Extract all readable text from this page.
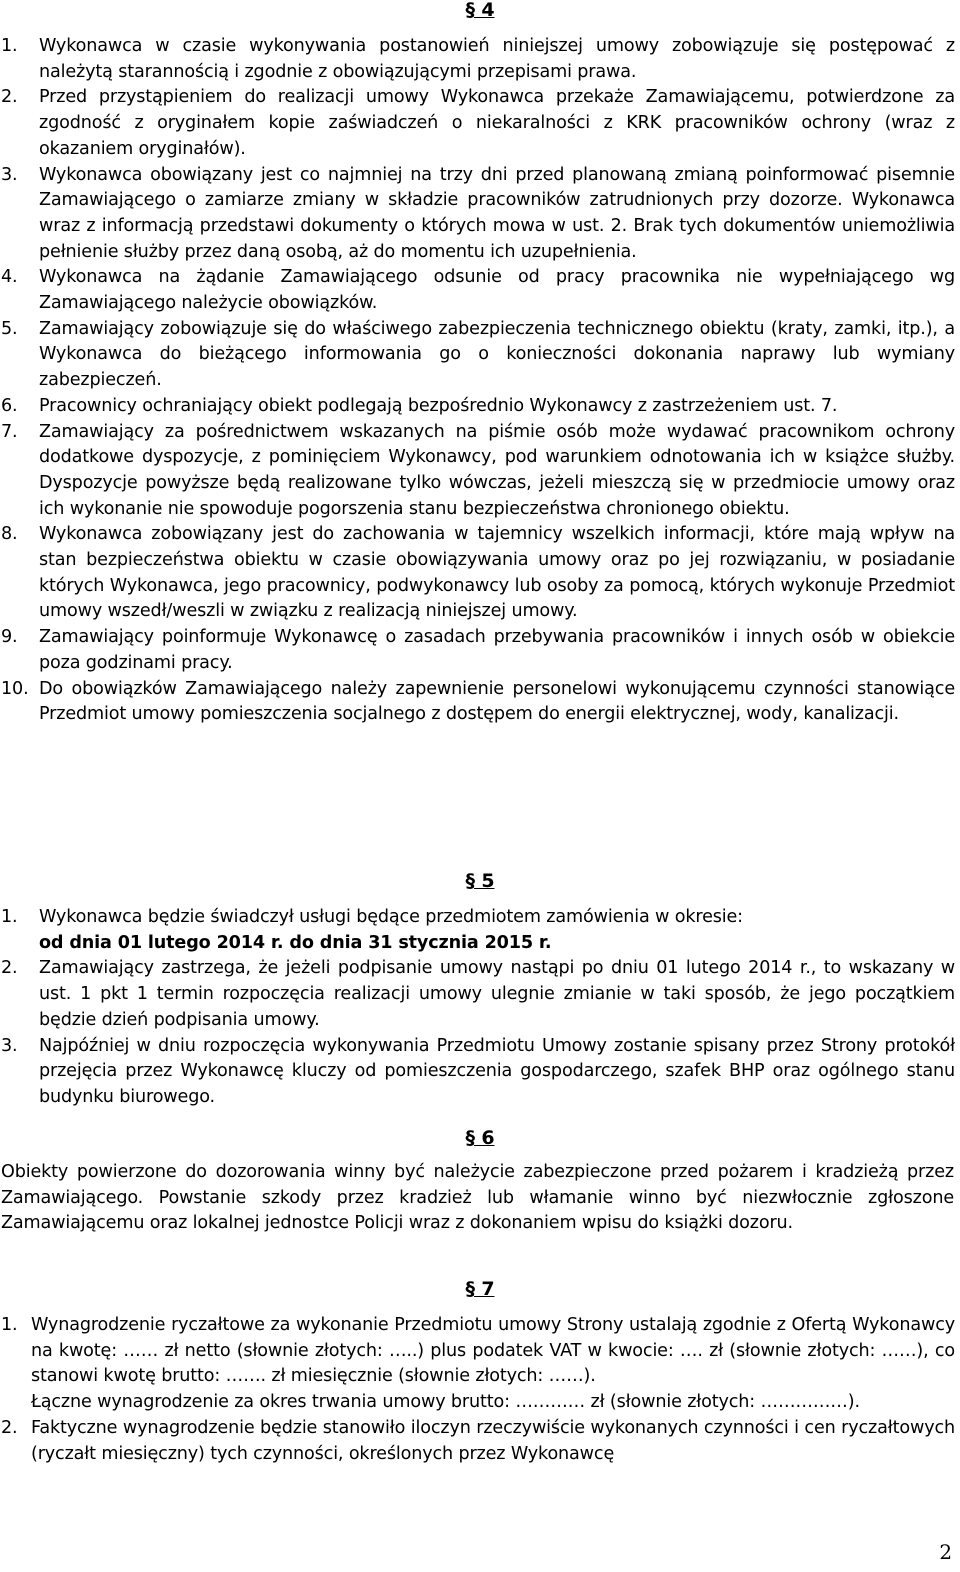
§ 4
1. Wykonawca w czasie wykonywania postanowień niniejszej umowy zobowiązuje się postępować z należytą starannością i zgodnie z obowiązującymi przepisami prawa.
2. Przed przystąpieniem do realizacji umowy Wykonawca przekaże Zamawiającemu, potwierdzone za zgodność z oryginałem kopie zaświadczeń o niekaralności z KRK pracowników ochrony (wraz z okazaniem oryginałów).
3. Wykonawca obowiązany jest co najmniej na trzy dni przed planowaną zmianą poinformować pisemnie Zamawiającego o zamiarze zmiany w składzie pracowników zatrudnionych przy dozorze. Wykonawca wraz z informacją przedstawi dokumenty o których mowa w ust. 2. Brak tych dokumentów uniemożliwia pełnienie służby przez daną osobą, aż do momentu ich uzupełnienia.
4. Wykonawca na żądanie Zamawiającego odsunie od pracy pracownika nie wypełniającego wg Zamawiającego należycie obowiązków.
5. Zamawiający zobowiązuje się do właściwego zabezpieczenia technicznego obiektu (kraty, zamki, itp.), a Wykonawca do bieżącego informowania go o konieczności dokonania naprawy lub wymiany zabezpieczeń.
6. Pracownicy ochraniający obiekt podlegają bezpośrednio Wykonawcy z zastrzeżeniem ust. 7.
7. Zamawiający za pośrednictwem wskazanych na piśmie osób może wydawać pracownikom ochrony dodatkowe dyspozycje, z pominięciem Wykonawcy, pod warunkiem odnotowania ich w książce służby. Dyspozycje powyższe będą realizowane tylko wówczas, jeżeli mieszczą się w przedmiocie umowy oraz ich wykonanie nie spowoduje pogorszenia stanu bezpieczeństwa chronionego obiektu.
8. Wykonawca zobowiązany jest do zachowania w tajemnicy wszelkich informacji, które mają wpływ na stan bezpieczeństwa obiektu w czasie obowiązywania umowy oraz po jej rozwiązaniu, w posiadanie których Wykonawca, jego pracownicy, podwykonawcy lub osoby za pomocą, których wykonuje Przedmiot umowy wszedł/weszli w związku z realizacją niniejszej umowy.
9. Zamawiający poinformuje Wykonawcę o zasadach przebywania pracowników i innych osób w obiekcie poza godzinami pracy.
10. Do obowiązków Zamawiającego należy zapewnienie personelowi wykonującemu czynności stanowiące Przedmiot umowy pomieszczenia socjalnego z dostępem do energii elektrycznej, wody, kanalizacji.
§ 5
1. Wykonawca będzie świadczył usługi będące przedmiotem zamówienia w okresie:
od dnia 01 lutego 2014 r. do dnia 31 stycznia 2015 r.
2. Zamawiający zastrzega, że jeżeli podpisanie umowy nastąpi po dniu 01 lutego 2014 r., to wskazany w ust. 1 pkt 1 termin rozpoczęcia realizacji umowy ulegnie zmianie w taki sposób, że jego początkiem będzie dzień podpisania umowy.
3. Najpóźniej w dniu rozpoczęcia wykonywania Przedmiotu Umowy zostanie spisany przez Strony protokół przejęcia przez Wykonawcę kluczy od pomieszczenia gospodarczego, szafek BHP oraz ogólnego stanu budynku biurowego.
§ 6

Obiekty powierzone do dozorowania winny być należycie zabezpieczone przed pożarem i kradzieżą przez Zamawiającego. Powstanie szkody przez kradzież lub włamanie winno być niezwłocznie zgłoszone Zamawiającemu oraz lokalnej jednostce Policji wraz z dokonaniem wpisu do książki dozoru.

§ 7
1. Wynagrodzenie ryczałtowe za wykonanie Przedmiotu umowy Strony ustalają zgodnie z Ofertą Wykonawcy na kwotę: …… zł netto (słownie złotych: …..) plus podatek VAT w kwocie: …. zł (słownie złotych: ……), co stanowi kwotę brutto: ……. zł miesięcznie (słownie złotych: ……).
Łączne wynagrodzenie za okres trwania umowy brutto: ………… zł (słownie złotych: ……………).
2. Faktyczne wynagrodzenie będzie stanowiło iloczyn rzeczywiście wykonanych czynności i cen ryczałtowych (ryczałt miesięczny) tych czynności, określonych przez Wykonawcę
2
